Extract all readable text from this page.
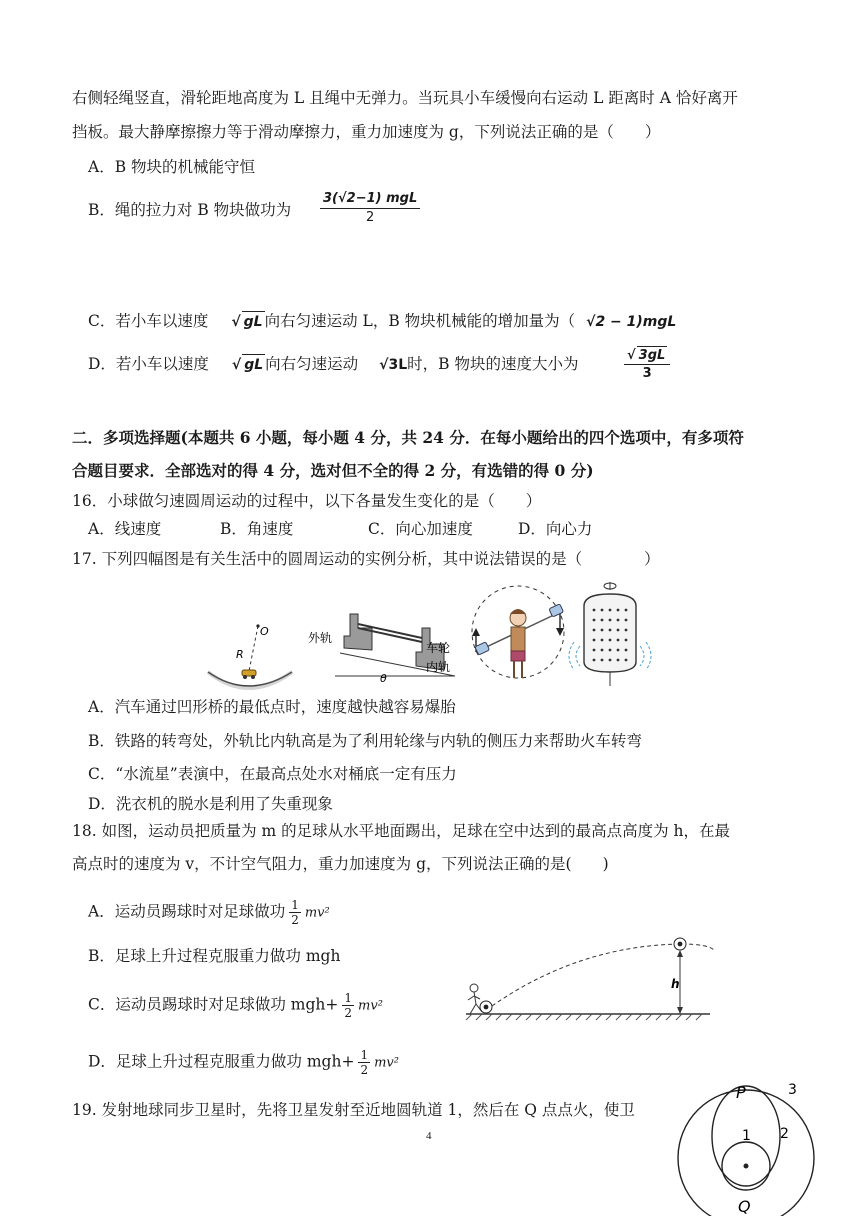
右侧轻绳竖直，滑轮距地高度为 L 且绳中无弹力。当玩具小车缓慢向右运动 L 距离时 A 恰好离开
挡板。最大静摩擦擦力等于滑动摩擦力，重力加速度为 g，下列说法正确的是（　　）
A．B 物块的机械能守恒
B．绳的拉力对 B 物块做功为
3(√2−1) mgL
2
C．若小车以速度 √ gL 向右匀速运动 L，B 物块机械能的增加量为（ √2 − 1)mgL
D．若小车以速度 √ gL 向右匀速运动 √3L时，B 物块的速度大小为	$\frac{√ 3gL}{3}$
二．多项选择题(本题共 6 小题，每小题 4 分，共 24 分．在每小题给出的四个选项中，有多项符
合题目要求．全部选对的得 4 分，选对但不全的得 2 分，有选错的得 0 分)
16．小球做匀速圆周运动的过程中，以下各量发生变化的是（　　）
A．线速度	B．角速度	C．向心加速度	D．向心力
17. 下列四幅图是有关生活中的圆周运动的实例分析，其中说法错误的是（　　　　）
O
R
外轨
车轮
内轨
θ
A．汽车通过凹形桥的最低点时，速度越快越容易爆胎
B．铁路的转弯处，外轨比内轨高是为了利用轮缘与内轨的侧压力来帮助火车转弯
C．“水流星”表演中，在最高点处水对桶底一定有压力
D．洗衣机的脱水是利用了失重现象
18. 如图，运动员把质量为 m 的足球从水平地面踢出，足球在空中达到的最高点高度为 h，在最
高点时的速度为 v，不计空气阻力，重力加速度为 g，下列说法正确的是(　　)
A．运动员踢球时对足球做功 $\frac{1}{2} mv^2$
B．足球上升过程克服重力做功 mgh
C．运动员踢球时对足球做功 $mgh+ \frac{1}{2} mv^2$
D．足球上升过程克服重力做功 $mgh+ \frac{1}{2} mv^2$
h
19. 发射地球同步卫星时，先将卫星发射至近地圆轨道 1，然后在 Q 点点火，使卫
P
1 2
3
Q
4
